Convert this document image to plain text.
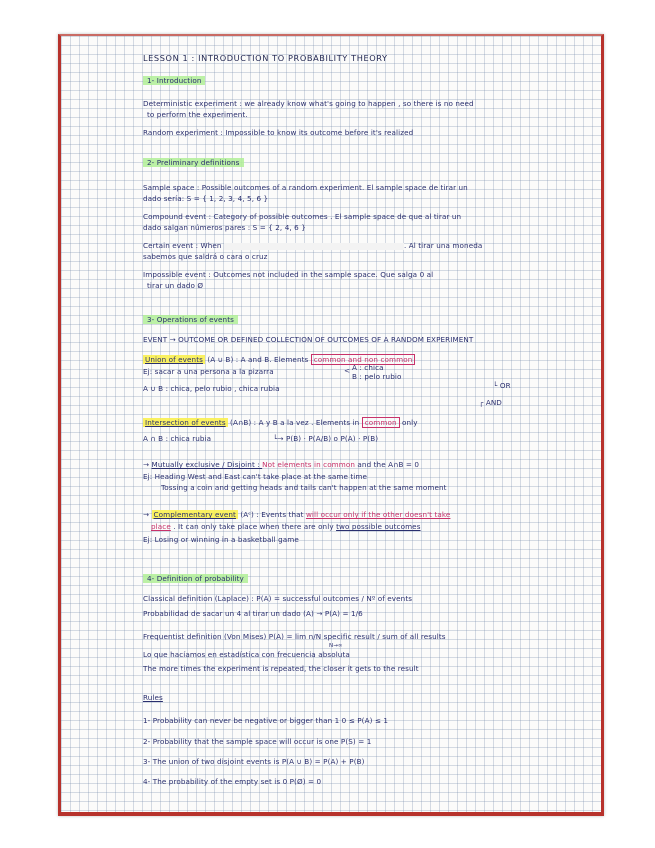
LESSON 1 : INTRODUCTION TO PROBABILITY THEORY
1- Introduction
Deterministic experiment : we already know what's going to happen , so there is no need
to perform the experiment.
Random experiment : Impossible to know its outcome before it's realized
2- Preliminary definitions
Sample space : Possible outcomes of a random experiment. El sample space de tirar un
dado sería: S = { 1, 2, 3, 4, 5, 6 }
Compound event : Category of possible outcomes . El sample space de que al tirar un
dado salgan números pares : S = { 2, 4, 6 }
Certain event : When	. Al tirar una moneda
sabemos que saldrá o cara o cruz
Impossible event : Outcomes not included in the sample space. Que salga 0 al
tirar un dado Ø
3- Operations of events
EVENT → OUTCOME OR DEFINED COLLECTION OF OUTCOMES OF A RANDOM EXPERIMENT
Union of events (A ∪ B) : A and B. Elements common and non common
Ej: sacar a una persona a la pizarra	< A : chica
B : pelo rubio
A ∪ B : chica, pelo rubio , chica rubia	└ OR
┌ AND
Intersection of events (A∩B) : A y B a la vez . Elements in common only
A ∩ B : chica rubia	└→ P(B) · P(A/B) o P(A) · P(B)
→ Mutually exclusive / Disjoint : Not elements in common and the A∩B = 0
Ej: Heading West and East can't take place at the same time
Tossing a coin and getting heads and tails can't happen at the same moment
→ Complementary event (Aᶜ) : Events that will occur only if the other doesn't take
place . It can only take place when there are only two possible outcomes
Ej: Losing or winning in a basketball game
4- Definition of probability
Classical definition (Laplace) : P(A) = successful outcomes / Nº of events
Probabilidad de sacar un 4 al tirar un dado (A) → P(A) = 1/6
Frequentist definition (Von Mises) P(A) = lim n/N specific result / sum of all results
N→∞
Lo que hacíamos en estadística con frecuencia absoluta
The more times the experiment is repeated, the closer it gets to the result
Rules
1- Probability can never be negative or bigger than 1 0 ≤ P(A) ≤ 1
2- Probability that the sample space will occur is one P(S) = 1
3- The union of two disjoint events is P(A ∪ B) = P(A) + P(B)
4- The probability of the empty set is 0 P(Ø) = 0
